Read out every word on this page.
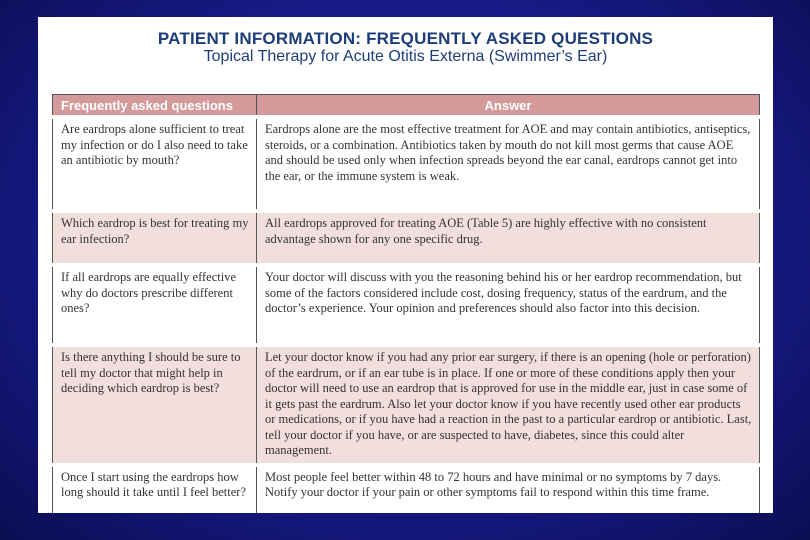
PATIENT INFORMATION: FREQUENTLY ASKED QUESTIONS
Topical Therapy for Acute Otitis Externa (Swimmer’s Ear)
Frequently asked questions	Answer
Are eardrops alone sufficient to treat my infection or do I also need to take an antibiotic by mouth?	Eardrops alone are the most effective treatment for AOE and may contain antibiotics, antiseptics, steroids, or a combination. Antibiotics taken by mouth do not kill most germs that cause AOE and should be used only when infection spreads beyond the ear canal, eardrops cannot get into the ear, or the immune system is weak.
Which eardrop is best for treating my ear infection?	All eardrops approved for treating AOE (Table 5) are highly effective with no consistent advantage shown for any one specific drug.
If all eardrops are equally effective why do doctors prescribe different ones?	Your doctor will discuss with you the reasoning behind his or her eardrop recommendation, but some of the factors considered include cost, dosing frequency, status of the eardrum, and the doctor’s experience. Your opinion and preferences should also factor into this decision.
Is there anything I should be sure to tell my doctor that might help in deciding which eardrop is best?	Let your doctor know if you had any prior ear surgery, if there is an opening (hole or perforation) of the eardrum, or if an ear tube is in place. If one or more of these conditions apply then your doctor will need to use an eardrop that is approved for use in the middle ear, just in case some of it gets past the eardrum. Also let your doctor know if you have recently used other ear products or medications, or if you have had a reaction in the past to a particular eardrop or antibiotic. Last, tell your doctor if you have, or are suspected to have, diabetes, since this could alter management.
Once I start using the eardrops how long should it take until I feel better?	Most people feel better within 48 to 72 hours and have minimal or no symptoms by 7 days. Notify your doctor if your pain or other symptoms fail to respond within this time frame.
